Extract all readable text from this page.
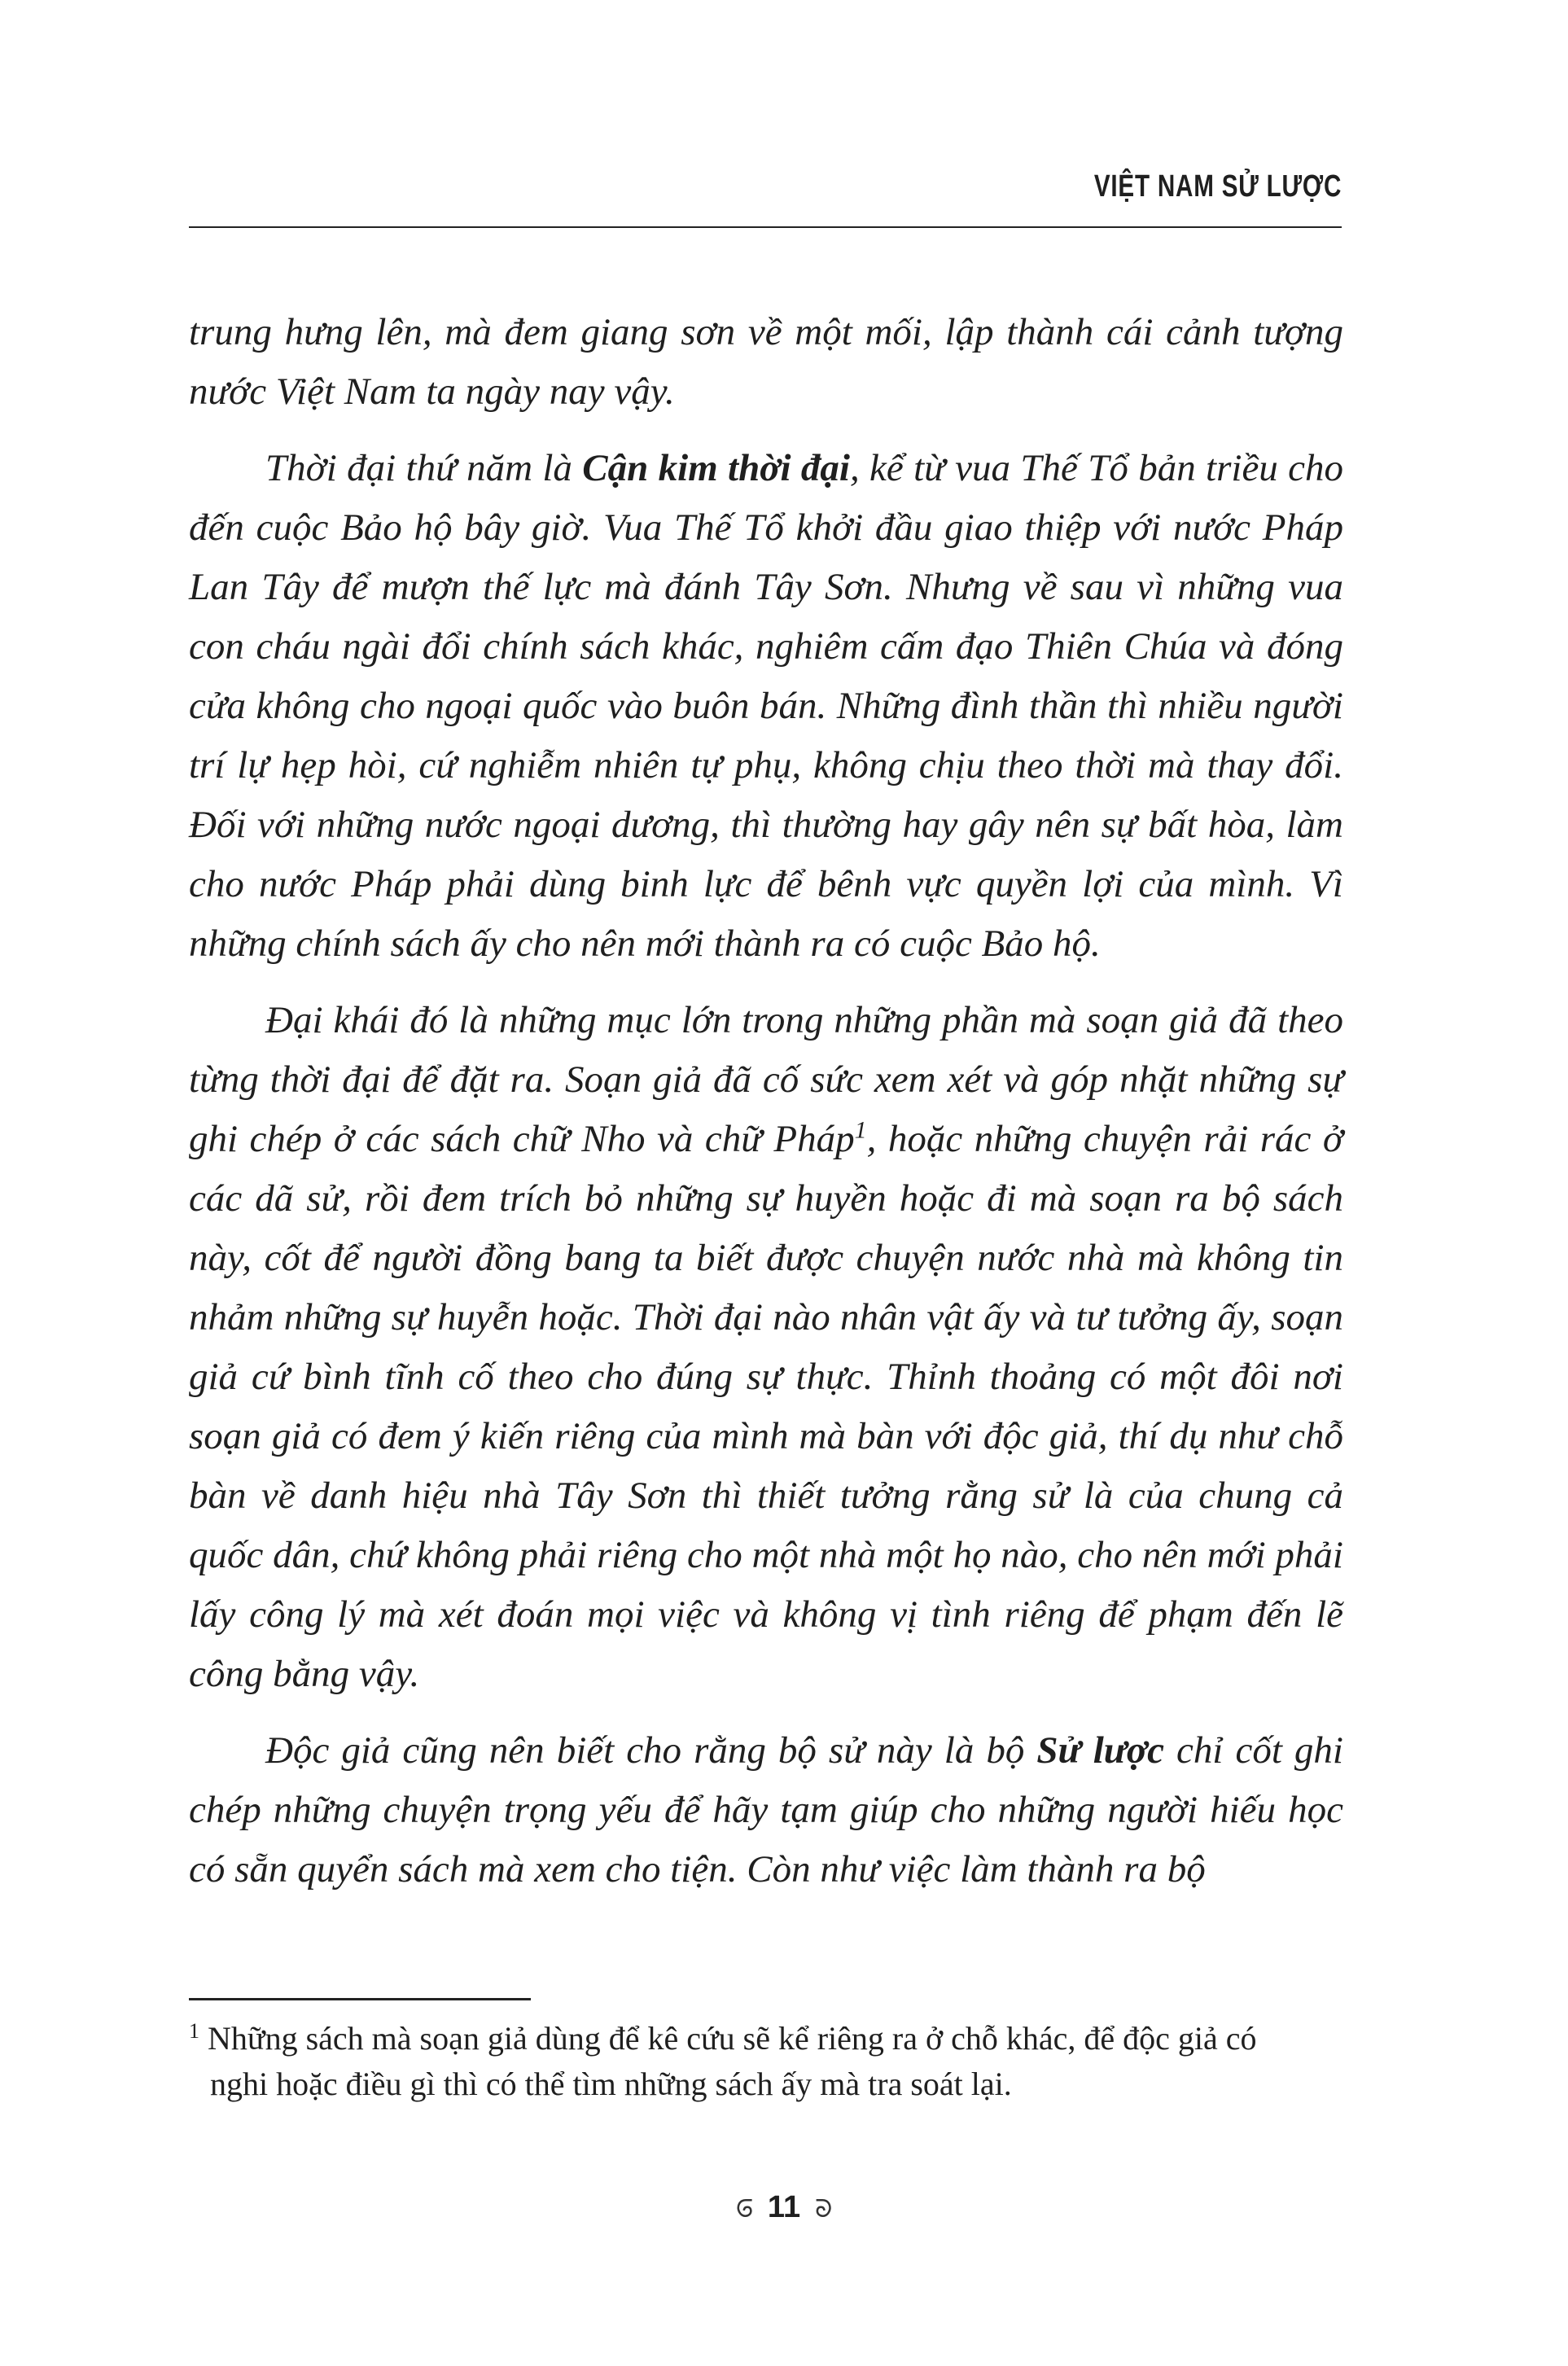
VIỆT NAM SỬ LƯỢC

trung hưng lên, mà đem giang sơn về một mối, lập thành cái cảnh tượng nước Việt Nam ta ngày nay vậy.

Thời đại thứ năm là Cận kim thời đại, kể từ vua Thế Tổ bản triều cho đến cuộc Bảo hộ bây giờ. Vua Thế Tổ khởi đầu giao thiệp với nước Pháp Lan Tây để mượn thế lực mà đánh Tây Sơn. Nhưng về sau vì những vua con cháu ngài đổi chính sách khác, nghiêm cấm đạo Thiên Chúa và đóng cửa không cho ngoại quốc vào buôn bán. Những đình thần thì nhiều người trí lự hẹp hòi, cứ nghiễm nhiên tự phụ, không chịu theo thời mà thay đổi. Đối với những nước ngoại dương, thì thường hay gây nên sự bất hòa, làm cho nước Pháp phải dùng binh lực để bênh vực quyền lợi của mình. Vì những chính sách ấy cho nên mới thành ra có cuộc Bảo hộ.

Đại khái đó là những mục lớn trong những phần mà soạn giả đã theo từng thời đại để đặt ra. Soạn giả đã cố sức xem xét và góp nhặt những sự ghi chép ở các sách chữ Nho và chữ Pháp$^1$, hoặc những chuyện rải rác ở các dã sử, rồi đem trích bỏ những sự huyền hoặc đi mà soạn ra bộ sách này, cốt để người đồng bang ta biết được chuyện nước nhà mà không tin nhảm những sự huyễn hoặc. Thời đại nào nhân vật ấy và tư tưởng ấy, soạn giả cứ bình tĩnh cố theo cho đúng sự thực. Thỉnh thoảng có một đôi nơi soạn giả có đem ý kiến riêng của mình mà bàn với độc giả, thí dụ như chỗ bàn về danh hiệu nhà Tây Sơn thì thiết tưởng rằng sử là của chung cả quốc dân, chứ không phải riêng cho một nhà một họ nào, cho nên mới phải lấy công lý mà xét đoán mọi việc và không vị tình riêng để phạm đến lẽ công bằng vậy.

Độc giả cũng nên biết cho rằng bộ sử này là bộ Sử lược chỉ cốt ghi chép những chuyện trọng yếu để hãy tạm giúp cho những người hiếu học có sẵn quyển sách mà xem cho tiện. Còn như việc làm thành ra bộ

$^1$ Những sách mà soạn giả dùng để kê cứu sẽ kể riêng ra ở chỗ khác, để độc giả có
nghi hoặc điều gì thì có thể tìm những sách ấy mà tra soát lại.
ᘐ 11 ᘐ
